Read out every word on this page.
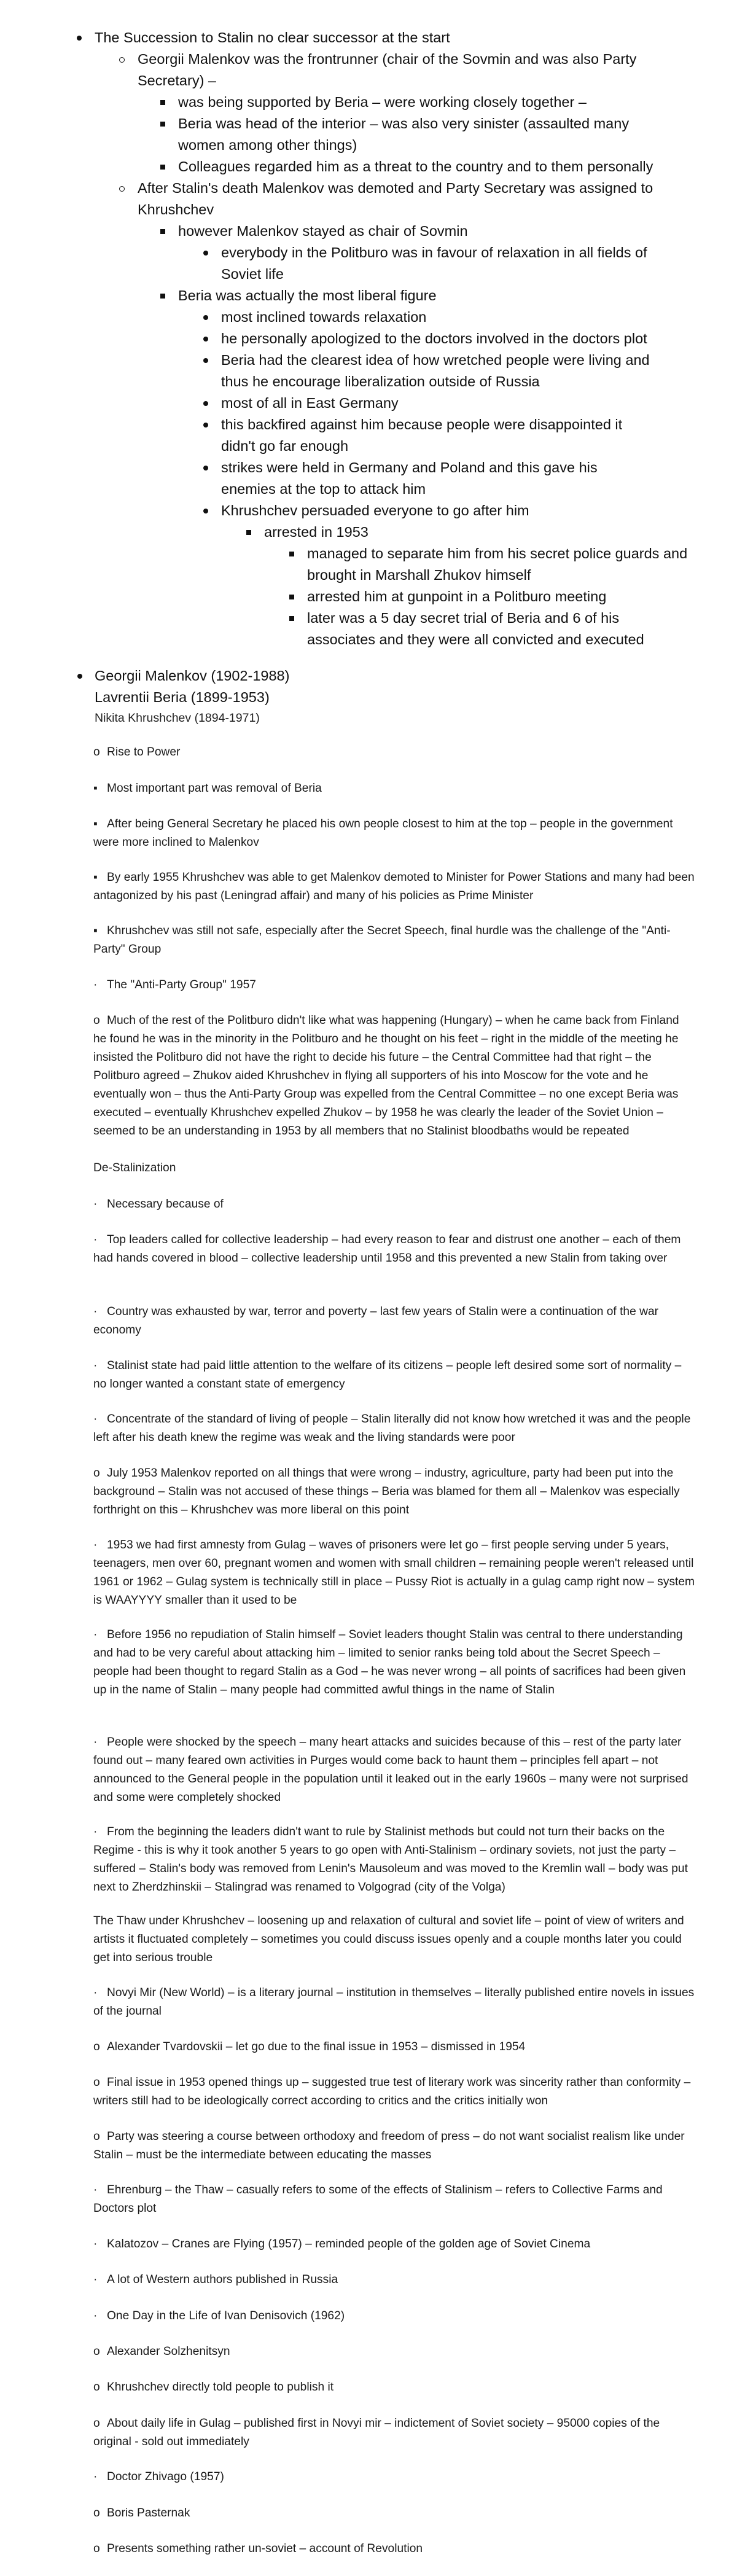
The Succession to Stalin no clear successor at the start
Georgii Malenkov was the frontrunner (chair of the Sovmin and was also Party Secretary) –
was being supported by Beria – were working closely together –
Beria was head of the interior – was also very sinister (assaulted many women among other things)
Colleagues regarded him as a threat to the country and to them personally
After Stalin's death Malenkov was demoted and Party Secretary was assigned to Khrushchev
however Malenkov stayed as chair of Sovmin
everybody in the Politburo was in favour of relaxation in all fields of Soviet life
Beria was actually the most liberal figure
most inclined towards relaxation
he personally apologized to the doctors involved in the doctors plot
Beria had the clearest idea of how wretched people were living and thus he encourage liberalization outside of Russia
most of all in East Germany
this backfired against him because people were disappointed it didn't go far enough
strikes were held in Germany and Poland and this gave his enemies at the top to attack him
Khrushchev persuaded everyone to go after him
arrested in 1953
managed to separate him from his secret police guards and brought in Marshall Zhukov himself
arrested him at gunpoint in a Politburo meeting
later was a 5 day secret trial of Beria and 6 of his associates and they were all convicted and executed
Georgii Malenkov (1902-1988)
Lavrentii Beria (1899-1953)
Nikita Khrushchev (1894-1971)
o Rise to Power
▪ Most important part was removal of Beria
▪ After being General Secretary he placed his own people closest to him at the top – people in the government were more inclined to Malenkov
▪ By early 1955 Khrushchev was able to get Malenkov demoted to Minister for Power Stations and many had been antagonized by his past (Leningrad affair) and many of his policies as Prime Minister
▪ Khrushchev was still not safe, especially after the Secret Speech, final hurdle was the challenge of the "Anti-Party" Group
· The "Anti-Party Group" 1957
o Much of the rest of the Politburo didn't like what was happening (Hungary) – when he came back from Finland he found he was in the minority in the Politburo and he thought on his feet – right in the middle of the meeting he insisted the Politburo did not have the right to decide his future – the Central Committee had that right – the Politburo agreed – Zhukov aided Khrushchev in flying all supporters of his into Moscow for the vote and he eventually won – thus the Anti-Party Group was expelled from the Central Committee – no one except Beria was executed – eventually Khrushchev expelled Zhukov – by 1958 he was clearly the leader of the Soviet Union – seemed to be an understanding in 1953 by all members that no Stalinist bloodbaths would be repeated
De-Stalinization
· Necessary because of
· Top leaders called for collective leadership – had every reason to fear and distrust one another – each of them had hands covered in blood – collective leadership until 1958 and this prevented a new Stalin from taking over
· Country was exhausted by war, terror and poverty – last few years of Stalin were a continuation of the war economy
· Stalinist state had paid little attention to the welfare of its citizens – people left desired some sort of normality – no longer wanted a constant state of emergency
· Concentrate of the standard of living of people – Stalin literally did not know how wretched it was and the people left after his death knew the regime was weak and the living standards were poor
o July 1953 Malenkov reported on all things that were wrong – industry, agriculture, party had been put into the background – Stalin was not accused of these things – Beria was blamed for them all – Malenkov was especially forthright on this – Khrushchev was more liberal on this point
· 1953 we had first amnesty from Gulag – waves of prisoners were let go – first people serving under 5 years, teenagers, men over 60, pregnant women and women with small children – remaining people weren't released until 1961 or 1962 – Gulag system is technically still in place – Pussy Riot is actually in a gulag camp right now – system is WAAYYYY smaller than it used to be
· Before 1956 no repudiation of Stalin himself – Soviet leaders thought Stalin was central to there understanding and had to be very careful about attacking him – limited to senior ranks being told about the Secret Speech – people had been thought to regard Stalin as a God – he was never wrong – all points of sacrifices had been given up in the name of Stalin – many people had committed awful things in the name of Stalin
· People were shocked by the speech – many heart attacks and suicides because of this – rest of the party later found out – many feared own activities in Purges would come back to haunt them – principles fell apart – not announced to the General people in the population until it leaked out in the early 1960s – many were not surprised and some were completely shocked
· From the beginning the leaders didn't want to rule by Stalinist methods but could not turn their backs on the Regime - this is why it took another 5 years to go open with Anti-Stalinism – ordinary soviets, not just the party – suffered – Stalin's body was removed from Lenin's Mausoleum and was moved to the Kremlin wall – body was put next to Zherdzhinskii – Stalingrad was renamed to Volgograd (city of the Volga)
The Thaw under Khrushchev – loosening up and relaxation of cultural and soviet life – point of view of writers and artists it fluctuated completely – sometimes you could discuss issues openly and a couple months later you could get into serious trouble
· Novyi Mir (New World) – is a literary journal – institution in themselves – literally published entire novels in issues of the journal
o Alexander Tvardovskii – let go due to the final issue in 1953 – dismissed in 1954
o Final issue in 1953 opened things up – suggested true test of literary work was sincerity rather than conformity – writers still had to be ideologically correct according to critics and the critics initially won
o Party was steering a course between orthodoxy and freedom of press – do not want socialist realism like under Stalin – must be the intermediate between educating the masses
· Ehrenburg – the Thaw – casually refers to some of the effects of Stalinism – refers to Collective Farms and Doctors plot
· Kalatozov – Cranes are Flying (1957) – reminded people of the golden age of Soviet Cinema
· A lot of Western authors published in Russia
· One Day in the Life of Ivan Denisovich (1962)
o Alexander Solzhenitsyn
o Khrushchev directly told people to publish it
o About daily life in Gulag – published first in Novyi mir – indictement of Soviet society – 95000 copies of the original - sold out immediately
· Doctor Zhivago (1957)
o Boris Pasternak
o Presents something rather un-soviet – account of Revolution
